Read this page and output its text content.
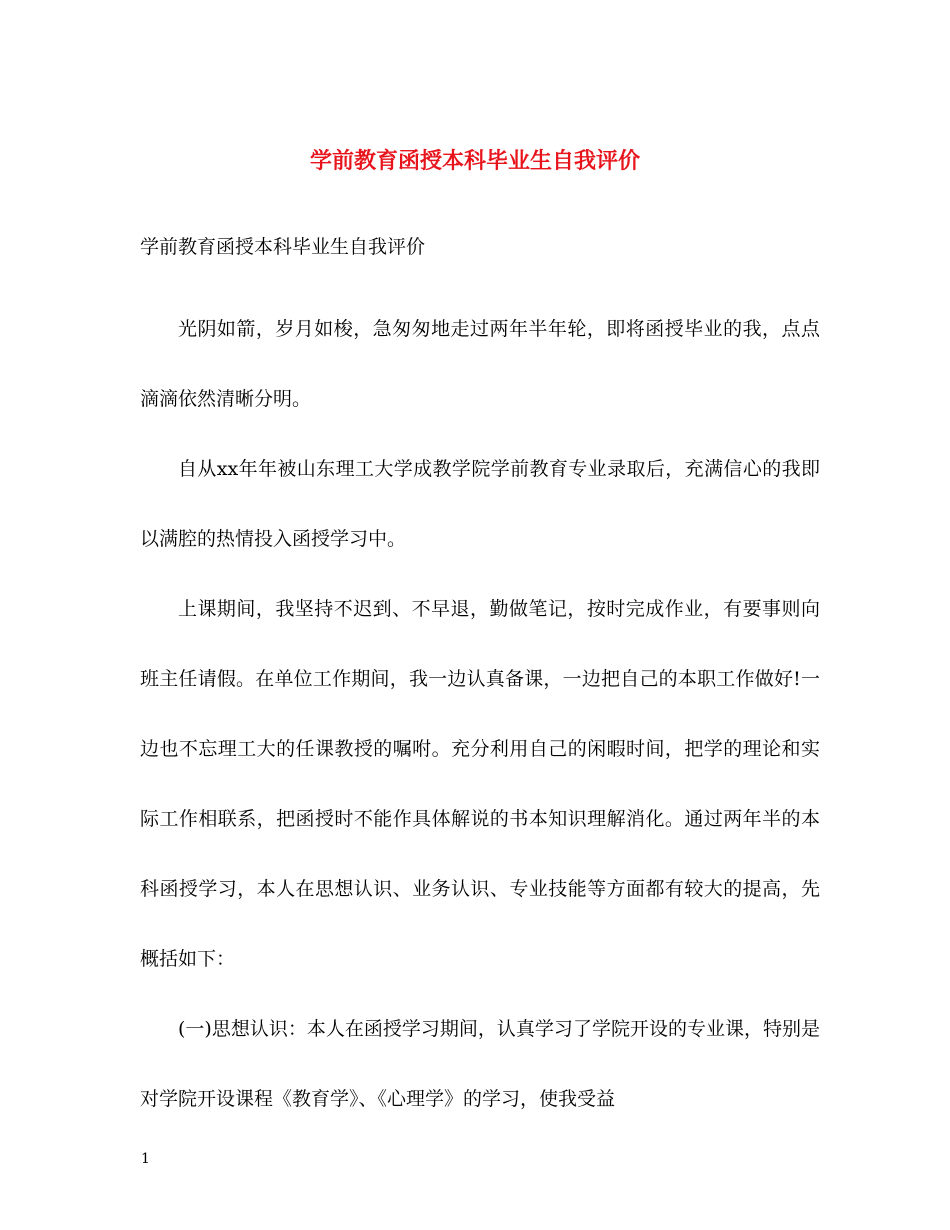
学前教育函授本科毕业生自我评价
学前教育函授本科毕业生自我评价

光阴如箭，岁月如梭，急匆匆地走过两年半年轮，即将函授毕业的我，点点滴滴依然清晰分明。

自从xx年年被山东理工大学成教学院学前教育专业录取后，充满信心的我即以满腔的热情投入函授学习中。

上课期间，我坚持不迟到、不早退，勤做笔记，按时完成作业，有要事则向班主任请假。在单位工作期间，我一边认真备课，一边把自己的本职工作做好!一边也不忘理工大的任课教授的嘱咐。充分利用自己的闲暇时间，把学的理论和实际工作相联系，把函授时不能作具体解说的书本知识理解消化。通过两年半的本科函授学习，本人在思想认识、业务认识、专业技能等方面都有较大的提高，先概括如下：

(一)思想认识：本人在函授学习期间，认真学习了学院开设的专业课，特别是对学院开设课程《教育学》、《心理学》的学习，使我受益

1
